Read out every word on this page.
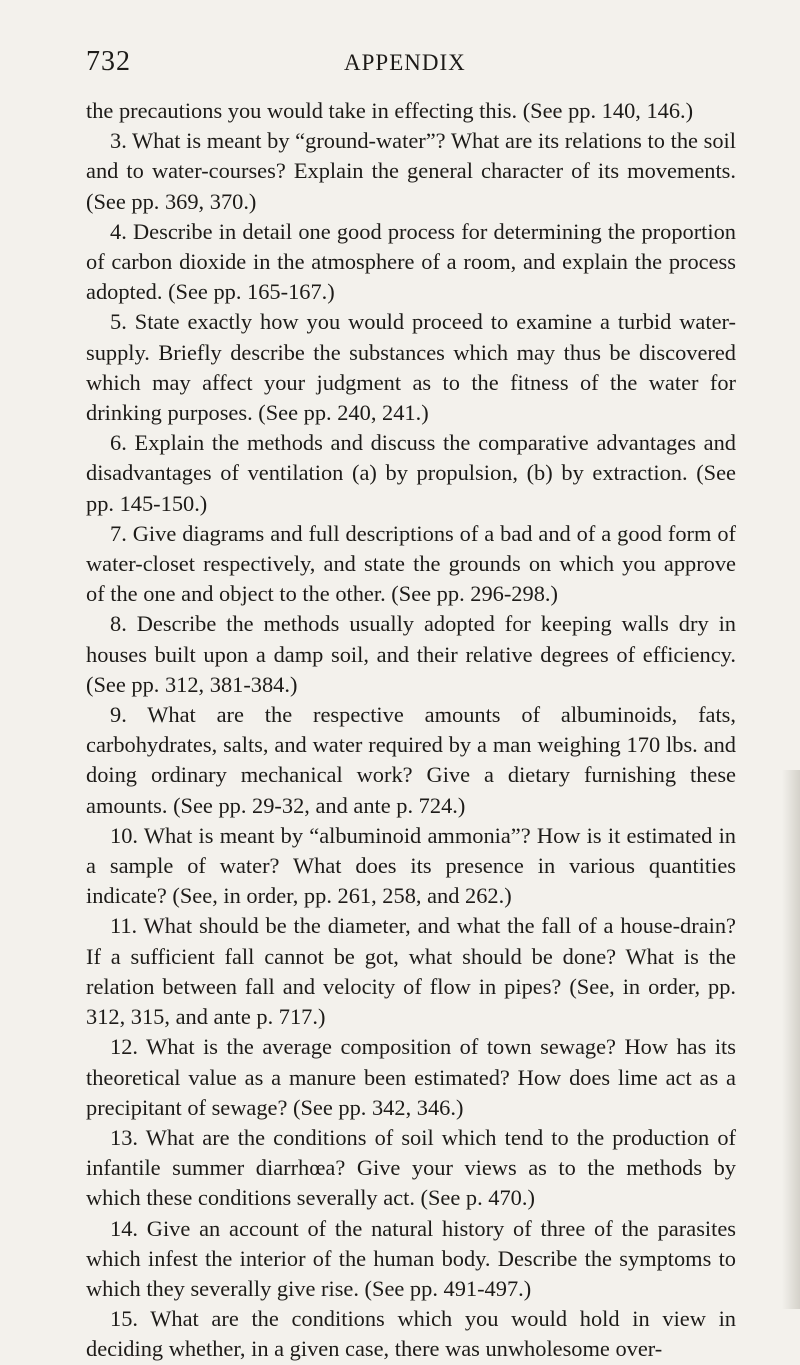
732	APPENDIX

the precautions you would take in effecting this. (See pp. 140, 146.)

3. What is meant by “ground-water”? What are its relations to the soil and to water-courses? Explain the general character of its movements. (See pp. 369, 370.)

4. Describe in detail one good process for determining the proportion of carbon dioxide in the atmosphere of a room, and explain the process adopted. (See pp. 165-167.)

5. State exactly how you would proceed to examine a turbid water-supply. Briefly describe the substances which may thus be discovered which may affect your judgment as to the fitness of the water for drinking purposes. (See pp. 240, 241.)

6. Explain the methods and discuss the comparative advantages and disadvantages of ventilation (a) by propulsion, (b) by extraction. (See pp. 145-150.)

7. Give diagrams and full descriptions of a bad and of a good form of water-closet respectively, and state the grounds on which you approve of the one and object to the other. (See pp. 296-298.)

8. Describe the methods usually adopted for keeping walls dry in houses built upon a damp soil, and their relative degrees of efficiency. (See pp. 312, 381-384.)

9. What are the respective amounts of albuminoids, fats, carbohydrates, salts, and water required by a man weighing 170 lbs. and doing ordinary mechanical work? Give a dietary furnishing these amounts. (See pp. 29-32, and ante p. 724.)

10. What is meant by “albuminoid ammonia”? How is it estimated in a sample of water? What does its presence in various quantities indicate? (See, in order, pp. 261, 258, and 262.)

11. What should be the diameter, and what the fall of a house-drain? If a sufficient fall cannot be got, what should be done? What is the relation between fall and velocity of flow in pipes? (See, in order, pp. 312, 315, and ante p. 717.)

12. What is the average composition of town sewage? How has its theoretical value as a manure been estimated? How does lime act as a precipitant of sewage? (See pp. 342, 346.)

13. What are the conditions of soil which tend to the production of infantile summer diarrhœa? Give your views as to the methods by which these conditions severally act. (See p. 470.)

14. Give an account of the natural history of three of the parasites which infest the interior of the human body. Describe the symptoms to which they severally give rise. (See pp. 491-497.)

15. What are the conditions which you would hold in view in deciding whether, in a given case, there was unwholesome over-
